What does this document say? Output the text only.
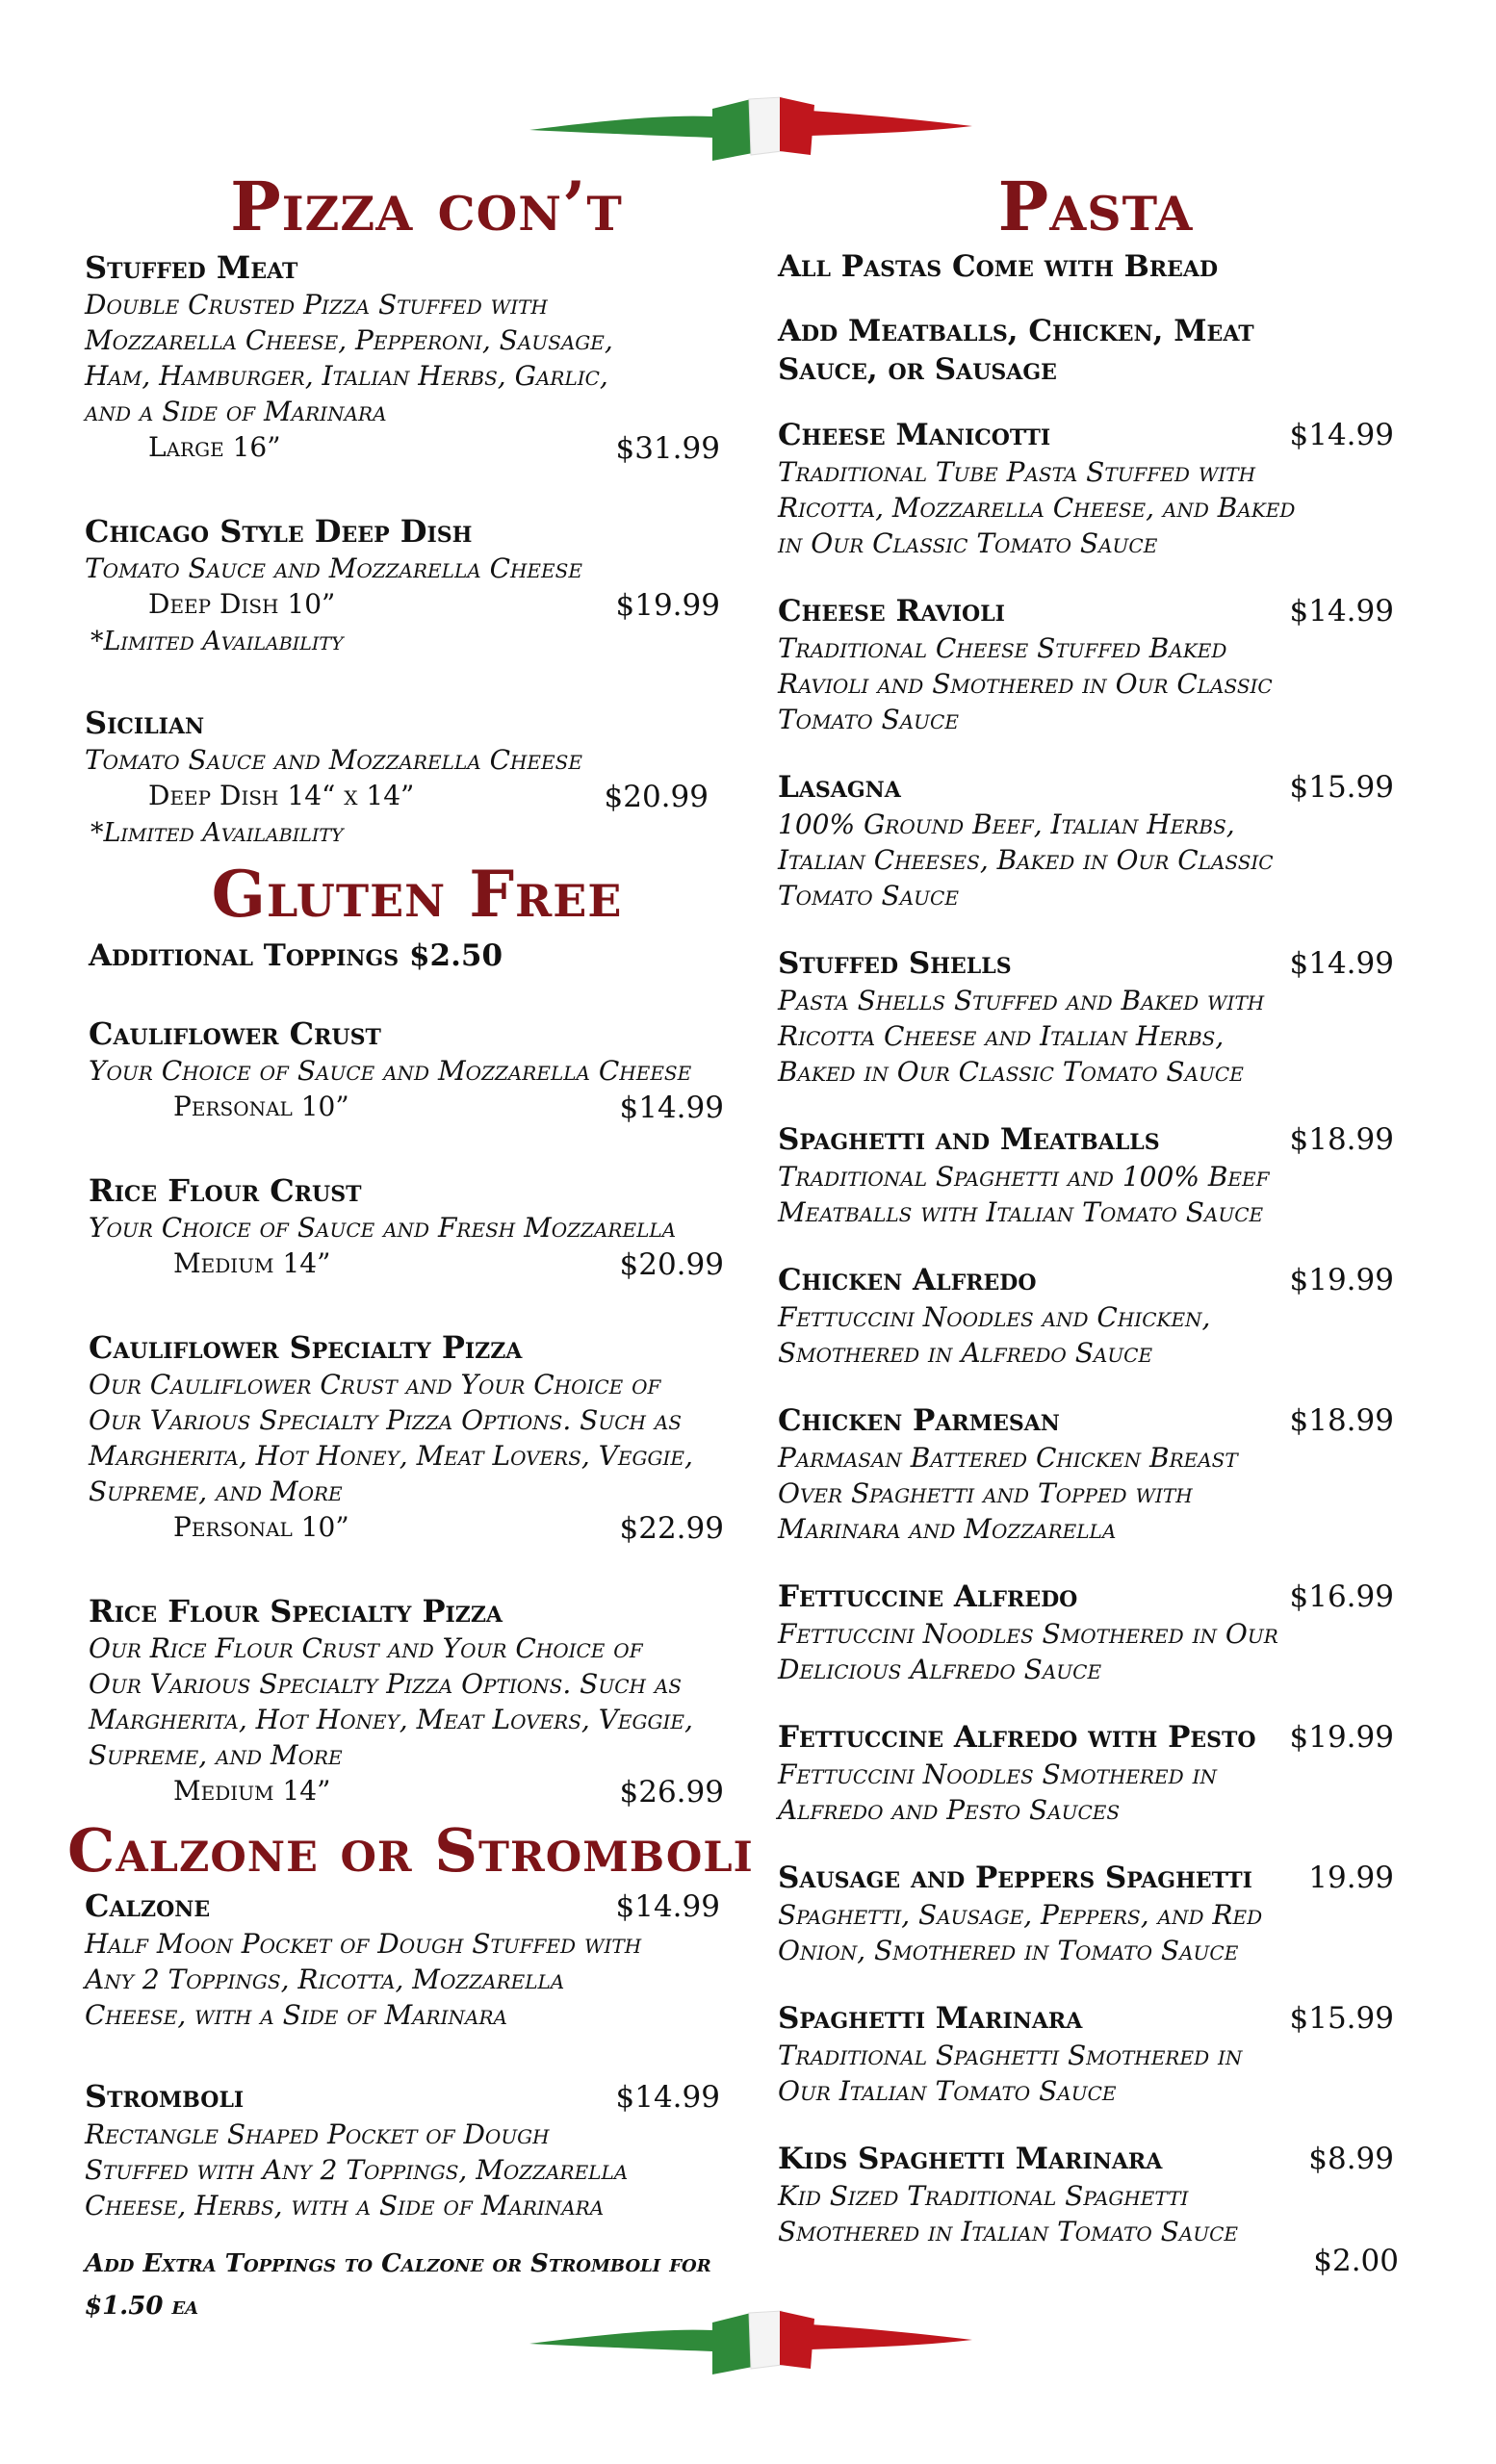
Pizza con’t
Stuffed Meat
Double Crusted Pizza Stuffed with Mozzarella Cheese, Pepperoni, Sausage, Ham, Hamburger, Italian Herbs, Garlic, and a Side of Marinara
Large 16”	$31.99
Chicago Style Deep Dish
Tomato Sauce and Mozzarella Cheese
Deep Dish 10”	$19.99
*Limited Availability
Sicilian
Tomato Sauce and Mozzarella Cheese
Deep Dish 14“ x 14”	$20.99
*Limited Availability
Gluten Free
Additional Toppings $2.50
Cauliflower Crust
Your Choice of Sauce and Mozzarella Cheese
Personal 10”	$14.99
Rice Flour Crust
Your Choice of Sauce and Fresh Mozzarella
Medium 14”	$20.99
Cauliflower Specialty Pizza
Our Cauliflower Crust and Your Choice of Our Various Specialty Pizza Options. Such as Margherita, Hot Honey, Meat Lovers, Veggie, Supreme, and More
Personal 10”	$22.99
Rice Flour Specialty Pizza
Our Rice Flour Crust and Your Choice of Our Various Specialty Pizza Options. Such as Margherita, Hot Honey, Meat Lovers, Veggie, Supreme, and More
Medium 14”	$26.99
Calzone or Stromboli
Calzone	$14.99
Half Moon Pocket of Dough Stuffed with Any 2 Toppings, Ricotta, Mozzarella Cheese, with a Side of Marinara
Stromboli	$14.99
Rectangle Shaped Pocket of Dough Stuffed with Any 2 Toppings, Mozzarella Cheese, Herbs, with a Side of Marinara
Add Extra Toppings to Calzone or Stromboli for $1.50 ea
Pasta
All Pastas Come with Bread
Add Meatballs, Chicken, Meat Sauce, or Sausage
$2.00
Cheese Manicotti	$14.99
Traditional Tube Pasta Stuffed with Ricotta, Mozzarella Cheese, and Baked in Our Classic Tomato Sauce
Cheese Ravioli	$14.99
Traditional Cheese Stuffed Baked Ravioli and Smothered in Our Classic Tomato Sauce
Lasagna	$15.99
100% Ground Beef, Italian Herbs, Italian Cheeses, Baked in Our Classic Tomato Sauce
Stuffed Shells	$14.99
Pasta Shells Stuffed and Baked with Ricotta Cheese and Italian Herbs, Baked in Our Classic Tomato Sauce
Spaghetti and Meatballs	$18.99
Traditional Spaghetti and 100% Beef Meatballs with Italian Tomato Sauce
Chicken Alfredo	$19.99
Fettuccini Noodles and Chicken, Smothered in Alfredo Sauce
Chicken Parmesan	$18.99
Parmasan Battered Chicken Breast Over Spaghetti and Topped with Marinara and Mozzarella
Fettuccine Alfredo	$16.99
Fettuccini Noodles Smothered in Our Delicious Alfredo Sauce
Fettuccine Alfredo with Pesto $19.99
Fettuccini Noodles Smothered in Alfredo and Pesto Sauces
Sausage and Peppers Spaghetti 19.99
Spaghetti, Sausage, Peppers, and Red Onion, Smothered in Tomato Sauce
Spaghetti Marinara	$15.99
Traditional Spaghetti Smothered in Our Italian Tomato Sauce
Kids Spaghetti Marinara	$8.99
Kid Sized Traditional Spaghetti Smothered in Italian Tomato Sauce
